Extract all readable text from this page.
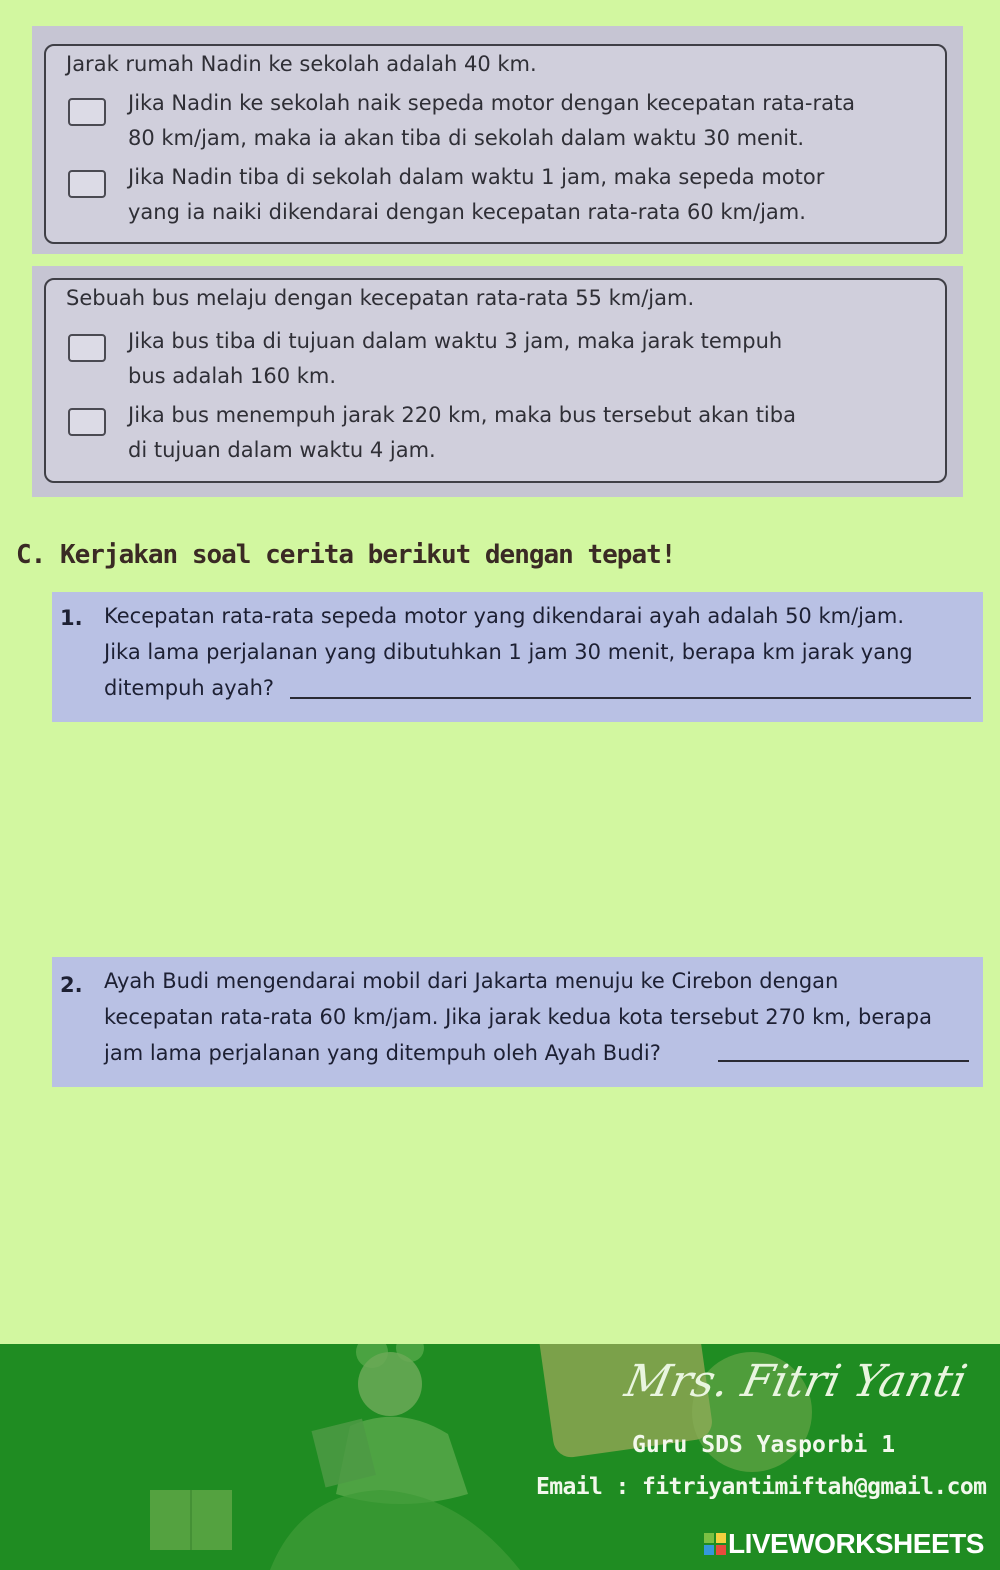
Jarak rumah Nadin ke sekolah adalah 40 km.
Jika Nadin ke sekolah naik sepeda motor dengan kecepatan rata-rata
80 km/jam, maka ia akan tiba di sekolah dalam waktu 30 menit.
Jika Nadin tiba di sekolah dalam waktu 1 jam, maka sepeda motor
yang ia naiki dikendarai dengan kecepatan rata-rata 60 km/jam.
Sebuah bus melaju dengan kecepatan rata-rata 55 km/jam.
Jika bus tiba di tujuan dalam waktu 3 jam, maka jarak tempuh
bus adalah 160 km.
Jika bus menempuh jarak 220 km, maka bus tersebut akan tiba
di tujuan dalam waktu 4 jam.
C. Kerjakan soal cerita berikut dengan tepat!
1. Kecepatan rata-rata sepeda motor yang dikendarai ayah adalah 50 km/jam.
Jika lama perjalanan yang dibutuhkan 1 jam 30 menit, berapa km jarak yang
ditempuh ayah?
2. Ayah Budi mengendarai mobil dari Jakarta menuju ke Cirebon dengan
kecepatan rata-rata 60 km/jam. Jika jarak kedua kota tersebut 270 km, berapa
jam lama perjalanan yang ditempuh oleh Ayah Budi?
Mrs. Fitri Yanti
Guru SDS Yasporbi 1
Email : fitriyantimiftah@gmail.com
LIVEWORKSHEETS
